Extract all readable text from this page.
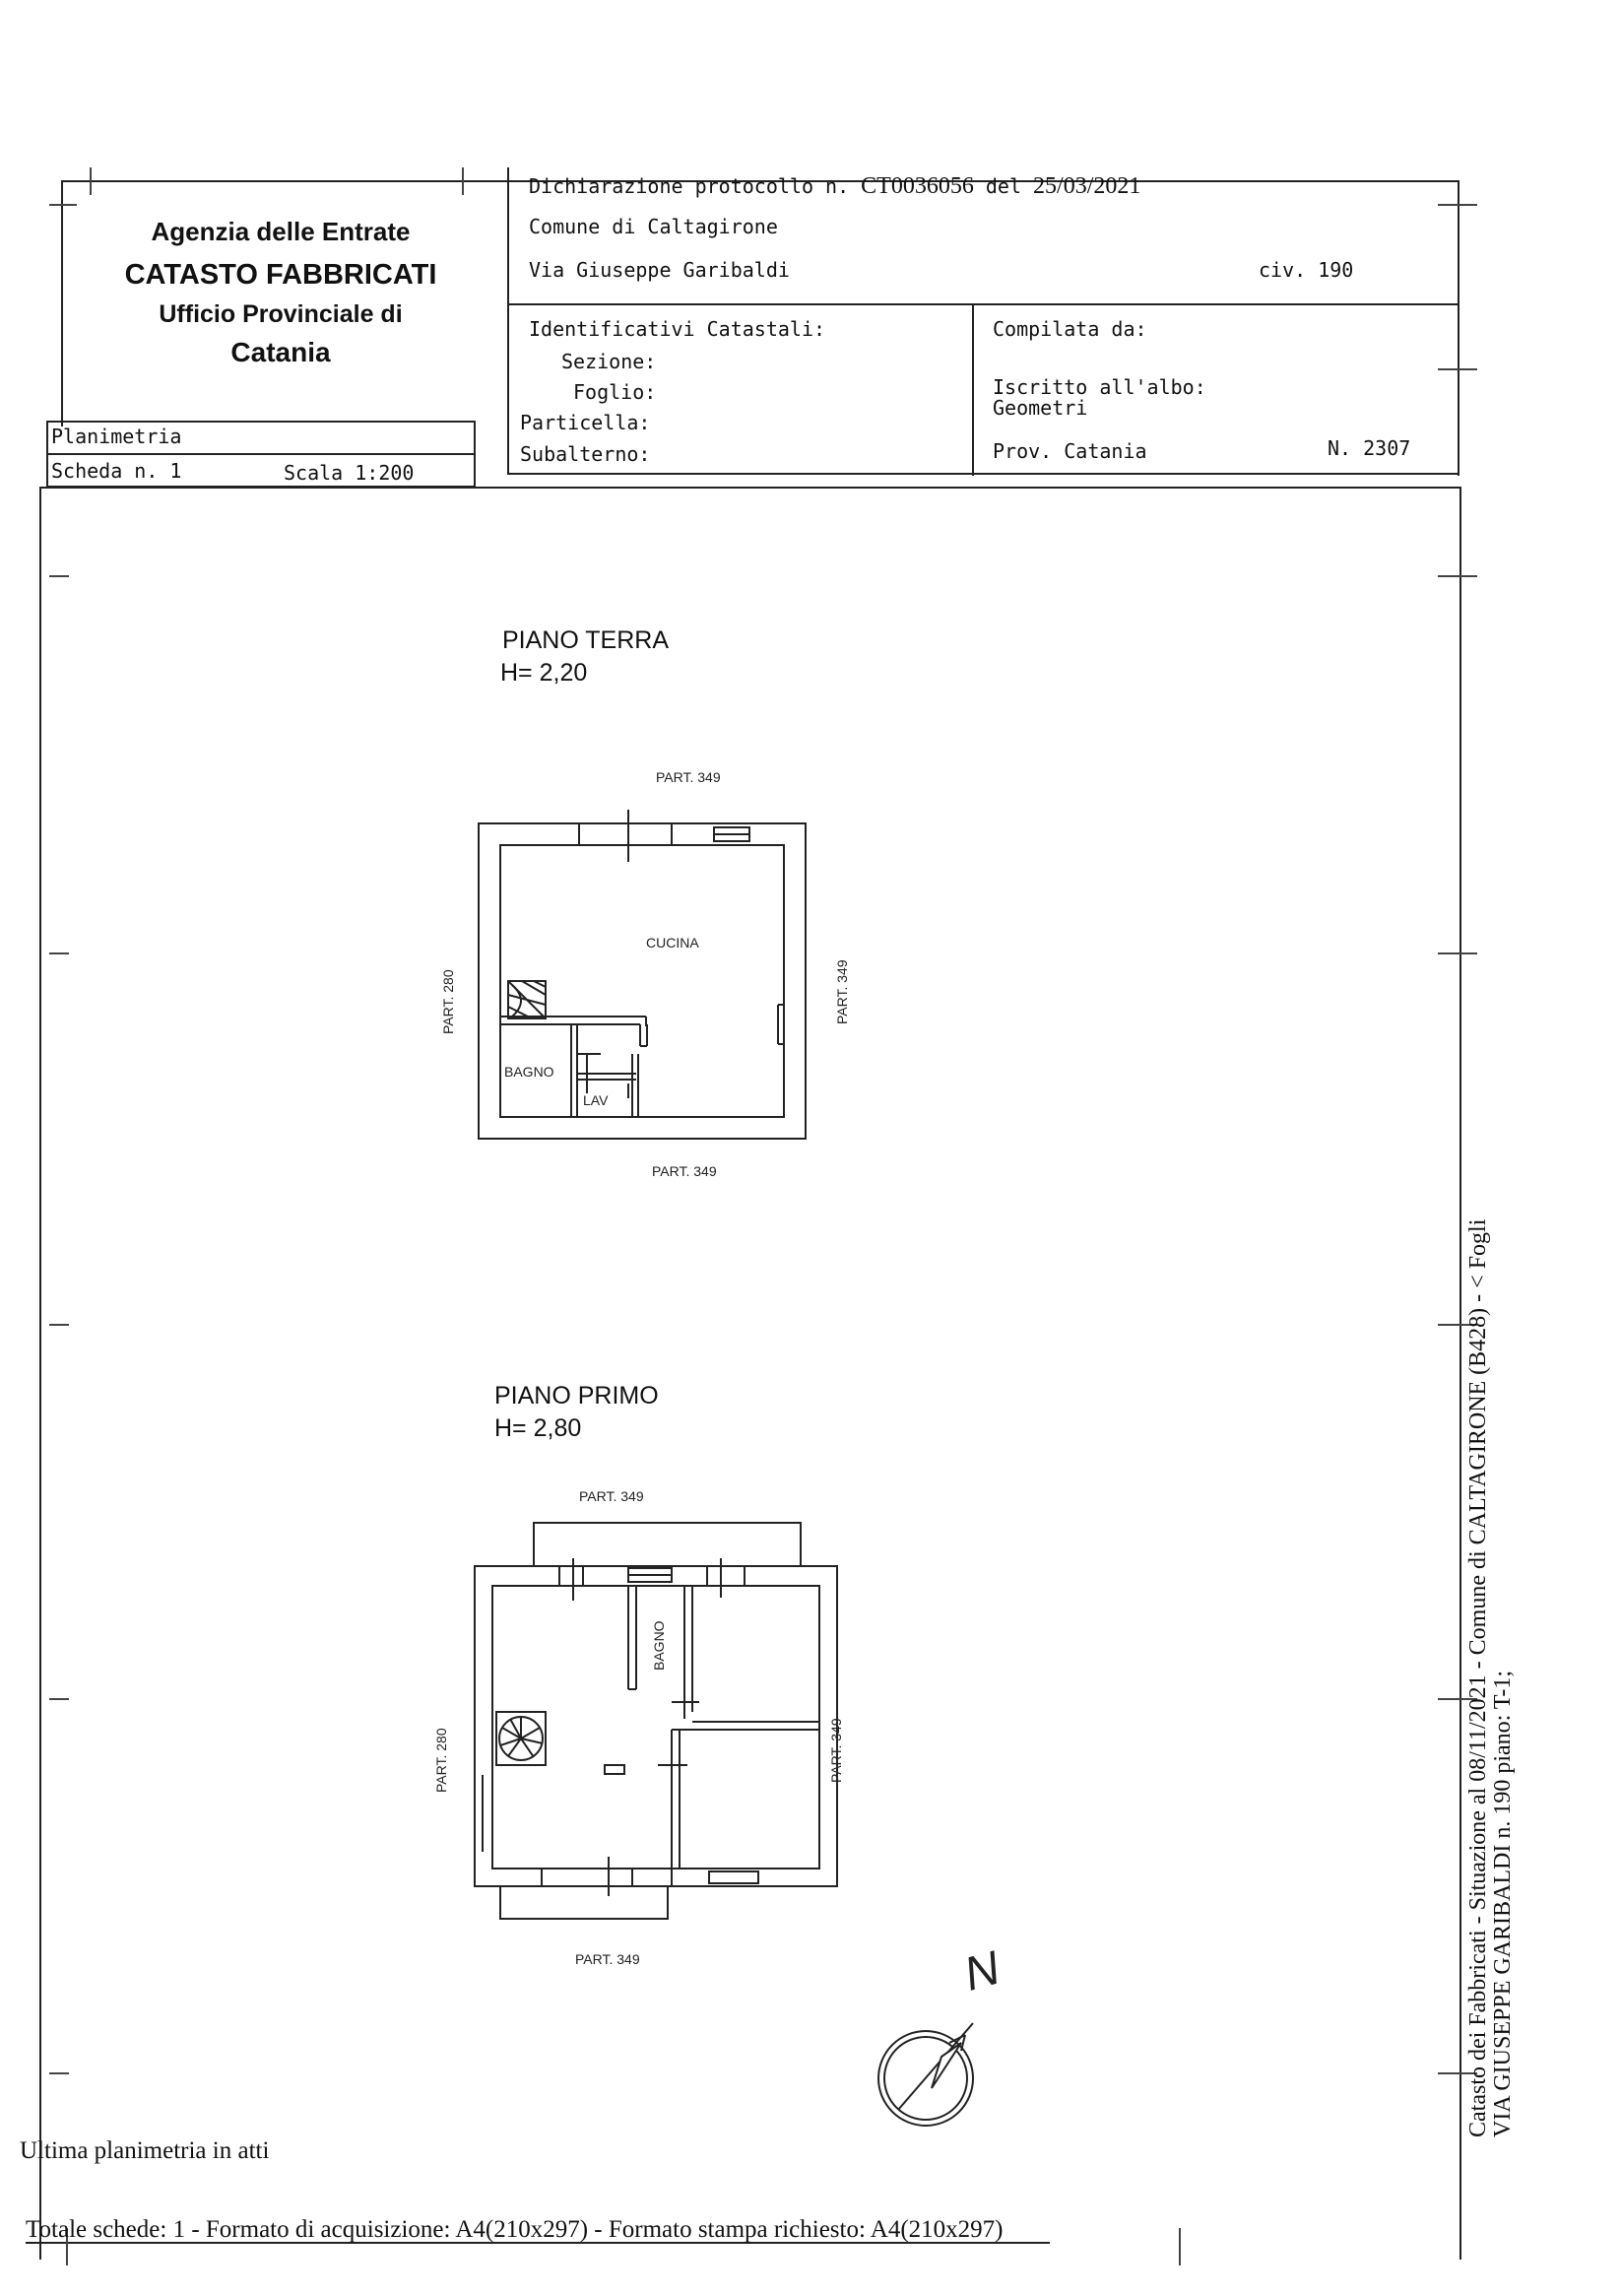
Agenzia delle Entrate
CATASTO FABBRICATI
Ufficio Provinciale di
Catania
Dichiarazione protocollo n. CT0036056 del 25/03/2021
Comune di Caltagirone
Via Giuseppe Garibaldi	civ. 190
Identificativi Catastali:
Sezione:
Foglio:
Particella:
Subalterno:
Compilata da:
Iscritto all'albo:
Geometri
Prov. Catania	N. 2307
Planimetria
Scheda n. 1	Scala 1:200
PIANO TERRA
H= 2,20
PART. 349
PART. 349
PART. 280	PART. 349
CUCINA
BAGNO
LAV
PIANO PRIMO
H= 2,80
PART. 349
PART. 349
PART. 280	PART. 349
BAGNO
N	Catasto dei Fabbricati - Situazione al 08/11/2021 - Comune di CALTAGIRONE (B428) - < Fogli VIA GIUSEPPE GARIBALDI n. 190 piano: T-1;
Ultima planimetria in atti
Totale schede: 1 - Formato di acquisizione: A4(210x297) - Formato stampa richiesto: A4(210x297)
